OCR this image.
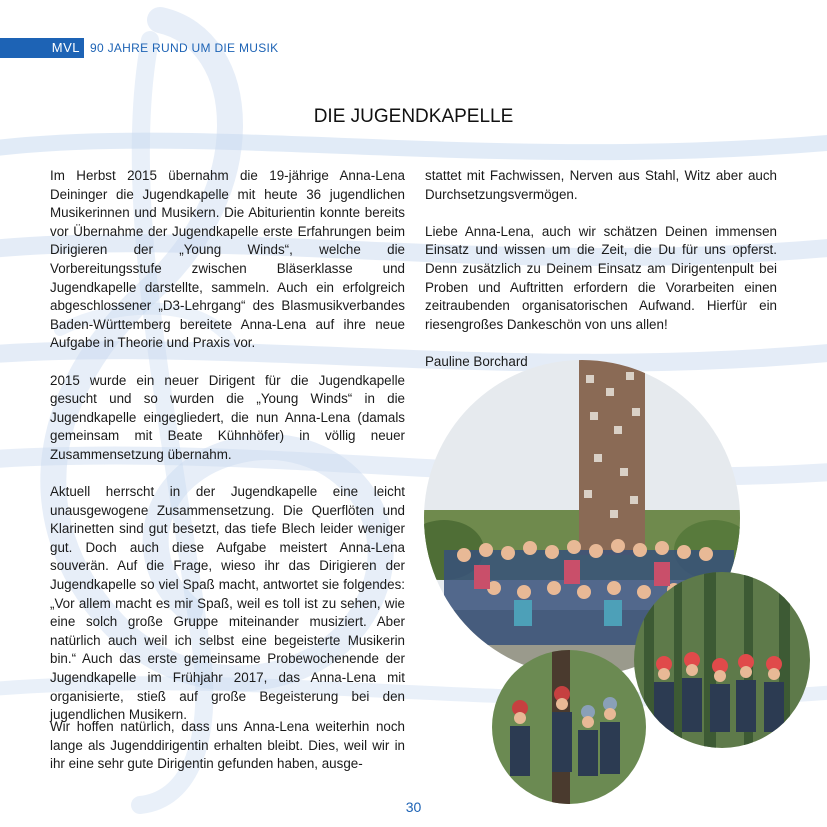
MVL 90 JAHRE RUND UM DIE MUSIK
DIE JUGENDKAPELLE

Im Herbst 2015 übernahm die 19-jährige Anna-Lena Deininger die Jugendkapelle mit heute 36 jugendlichen Musikerinnen und Musikern. Die Abiturientin konnte bereits vor Übernahme der Jugendkapelle erste Erfahrungen beim Dirigieren der „Young Winds“, welche die Vorbereitungsstufe zwischen Bläserklasse und Jugendkapelle darstellte, sammeln. Auch ein erfolgreich abgeschlossener „D3-Lehrgang“ des Blasmusikverbandes Baden-Württemberg bereitete Anna-Lena auf ihre neue Aufgabe in Theorie und Praxis vor.

2015 wurde ein neuer Dirigent für die Jugendkapelle gesucht und so wurden die „Young Winds“ in die Jugendkapelle eingegliedert, die nun Anna-Lena (damals gemeinsam mit Beate Kühnhöfer) in völlig neuer Zusammensetzung übernahm.

Aktuell herrscht in der Jugendkapelle eine leicht unausgewogene Zusammensetzung. Die Querflöten und Klarinetten sind gut besetzt, das tiefe Blech leider weniger gut. Doch auch diese Aufgabe meistert Anna-Lena souverän. Auf die Frage, wieso ihr das Dirigieren der Jugendkapelle so viel Spaß macht, antwortet sie folgendes: „Vor allem macht es mir Spaß, weil es toll ist zu sehen, wie eine solch große Gruppe miteinander musiziert. Aber natürlich auch weil ich selbst eine begeisterte Musikerin bin.“ Auch das erste gemeinsame Probewochenende der Jugendkapelle im Frühjahr 2017, das Anna-Lena mit organisierte, stieß auf große Begeisterung bei den jugendlichen Musikern.

Wir hoffen natürlich, dass uns Anna-Lena weiterhin noch lange als Jugenddirigentin erhalten bleibt. Dies, weil wir in ihr eine sehr gute Dirigentin gefunden haben, ausge-

stattet mit Fachwissen, Nerven aus Stahl, Witz aber auch Durchsetzungsvermögen.

Liebe Anna-Lena, auch wir schätzen Deinen immensen Einsatz und wissen um die Zeit, die Du für uns opferst. Denn zusätzlich zu Deinem Einsatz am Dirigentenpult bei Proben und Auftritten erfordern die Vorarbeiten einen zeitraubenden organisatorischen Aufwand. Hierfür ein riesengroßes Dankeschön von uns allen!

Pauline Borchard

30
